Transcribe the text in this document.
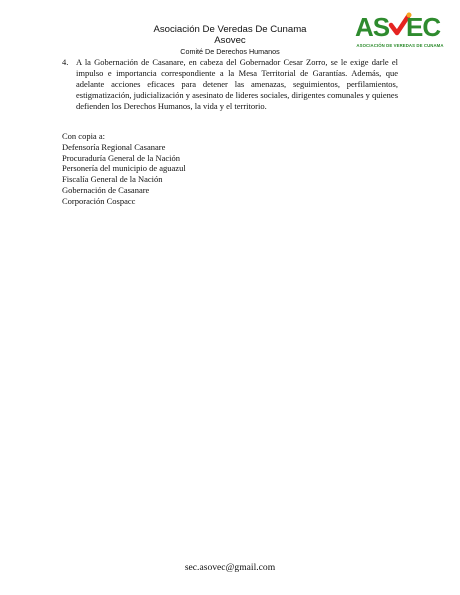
Asociación De Veredas De Cunama
Asovec
Comité De Derechos Humanos
AS EC
ASOCIACIÓN DE VEREDAS DE CUNAMA
4. A la Gobernación de Casanare, en cabeza del Gobernador Cesar Zorro, se le exige darle el impulso e importancia correspondiente a la Mesa Territorial de Garantías. Además, que adelante acciones eficaces para detener las amenazas, seguimientos, perfilamientos, estigmatización, judicialización y asesinato de lideres sociales, dirigentes comunales y quienes defienden los Derechos Humanos, la vida y el territorio.
Con copia a:
Defensoría Regional Casanare
Procuraduría General de la Nación
Personería del municipio de aguazul
Fiscalía General de la Nación
Gobernación de Casanare
Corporación Cospacc
sec.asovec@gmail.com
